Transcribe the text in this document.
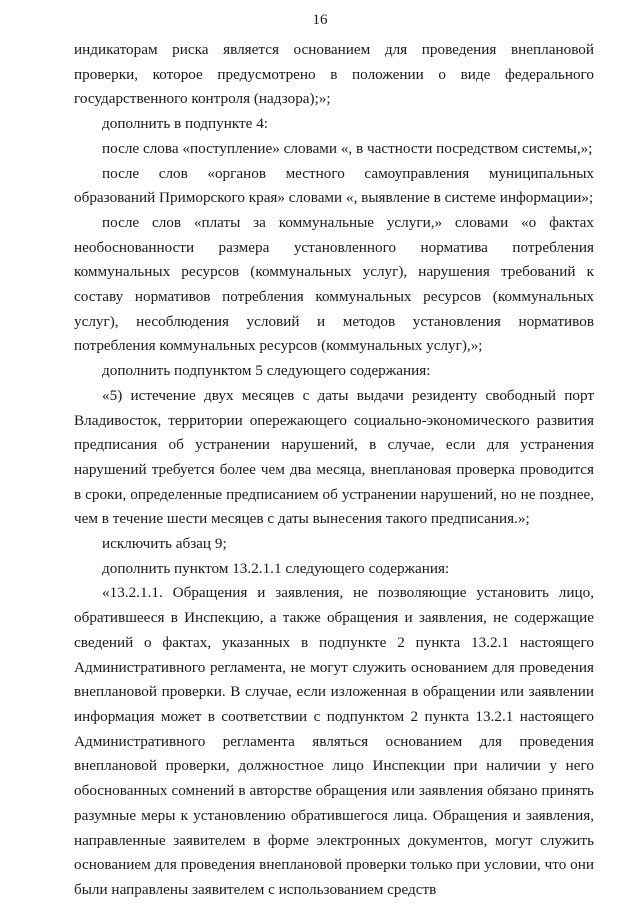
16

индикаторам риска является основанием для проведения внеплановой проверки, которое предусмотрено в положении о виде федерального государственного контроля (надзора);»;

дополнить в подпункте 4:

после слова «поступление» словами «, в частности посредством системы,»;

после слов «органов местного самоуправления муниципальных образований Приморского края» словами «, выявление в системе информации»;

после слов «платы за коммунальные услуги,» словами «о фактах необоснованности размера установленного норматива потребления коммунальных ресурсов (коммунальных услуг), нарушения требований к составу нормативов потребления коммунальных ресурсов (коммунальных услуг), несоблюдения условий и методов установления нормативов потребления коммунальных ресурсов (коммунальных услуг),»;

дополнить подпунктом 5 следующего содержания:

«5) истечение двух месяцев с даты выдачи резиденту свободный порт Владивосток, территории опережающего социально-экономического развития предписания об устранении нарушений, в случае, если для устранения нарушений требуется более чем два месяца, внеплановая проверка проводится в сроки, определенные предписанием об устранении нарушений, но не позднее, чем в течение шести месяцев с даты вынесения такого предписания.»;

исключить абзац 9;

дополнить пунктом 13.2.1.1 следующего содержания:

«13.2.1.1. Обращения и заявления, не позволяющие установить лицо, обратившееся в Инспекцию, а также обращения и заявления, не содержащие сведений о фактах, указанных в подпункте 2 пункта 13.2.1 настоящего Административного регламента, не могут служить основанием для проведения внеплановой проверки. В случае, если изложенная в обращении или заявлении информация может в соответствии с подпунктом 2 пункта 13.2.1 настоящего Административного регламента являться основанием для проведения внеплановой проверки, должностное лицо Инспекции при наличии у него обоснованных сомнений в авторстве обращения или заявления обязано принять разумные меры к установлению обратившегося лица. Обращения и заявления, направленные заявителем в форме электронных документов, могут служить основанием для проведения внеплановой проверки только при условии, что они были направлены заявителем с использованием средств
